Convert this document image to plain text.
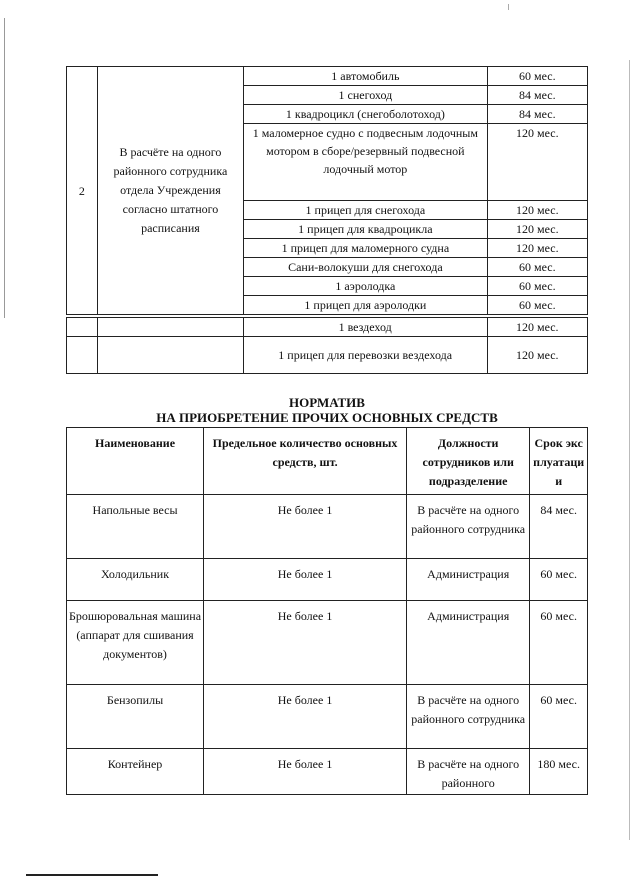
2	В расчёте на одного районного сотрудника отдела Учреждения согласно штатного расписания	1 автомобиль	60 мес.
		1 снегоход	84 мес.
		1 квадроцикл (снегоболотоход)	84 мес.
		1 маломерное судно с подвесным лодочным мотором в сборе/резервный подвесной лодочный мотор	120 мес.
		1 прицеп для снегохода	120 мес.
		1 прицеп для квадроцикла	120 мес.
		1 прицеп для маломерного судна	120 мес.
		Сани-волокуши для снегохода	60 мес.
		1 аэролодка	60 мес.
		1 прицеп для аэролодки	60 мес.
		1 вездеход	120 мес.
		1 прицеп для перевозки вездехода	120 мес.
НОРМАТИВ
НА ПРИОБРЕТЕНИЕ ПРОЧИХ ОСНОВНЫХ СРЕДСТВ
Наименование	Предельное количество основных средств, шт.	Должности сотрудников или подразделение	Срок эксплуатации
Напольные весы	Не более 1	В расчёте на одного районного сотрудника	84 мес.
Холодильник	Не более 1	Администрация	60 мес.
Брошюровальная машина (аппарат для сшивания документов)	Не более 1	Администрация	60 мес.
Бензопилы	Не более 1	В расчёте на одного районного сотрудника	60 мес.
Контейнер	Не более 1	В расчёте на одного районного	180 мес.
